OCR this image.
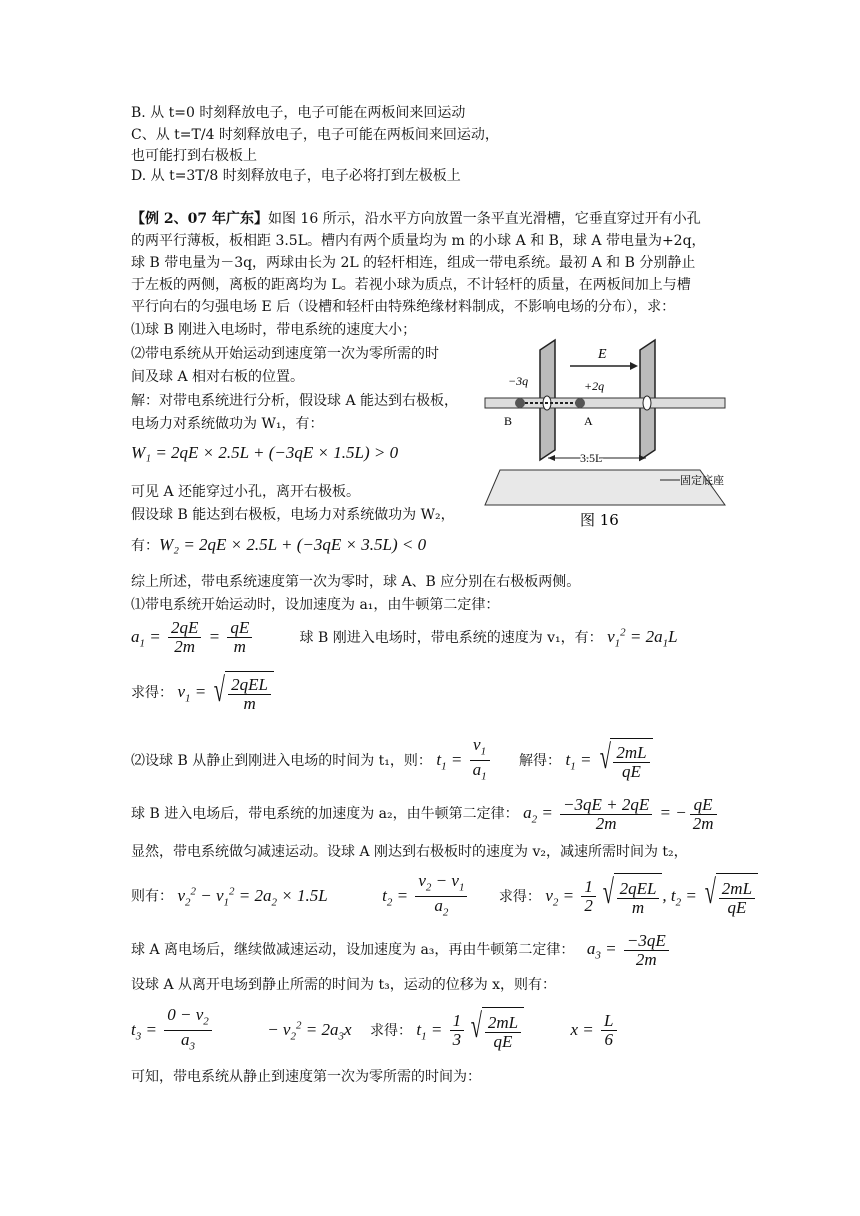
B. 从 t=0 时刻释放电子，电子可能在两板间来回运动
C、从 t=T/4 时刻释放电子，电子可能在两板间来回运动，
也可能打到右极板上
D. 从 t=3T/8 时刻释放电子，电子必将打到左极板上
【例 2、07 年广东】如图 16 所示，沿水平方向放置一条平直光滑槽，它垂直穿过开有小孔
的两平行薄板，板相距 3.5L。槽内有两个质量均为 m 的小球 A 和 B，球 A 带电量为+2q，
球 B 带电量为－3q，两球由长为 2L 的轻杆相连，组成一带电系统。最初 A 和 B 分别静止
于左板的两侧，离板的距离均为 L。若视小球为质点，不计轻杆的质量，在两板间加上与槽
平行向右的匀强电场 E 后（设槽和轻杆由特殊绝缘材料制成，不影响电场的分布），求：
⑴球 B 刚进入电场时，带电系统的速度大小；
⑵带电系统从开始运动到速度第一次为零所需的时
间及球 A 相对右板的位置。
解：对带电系统进行分析，假设球 A 能达到右极板，
电场力对系统做功为 W₁，有：
W₁ = 2qE × 2.5L + (−3qE × 1.5L) > 0
可见 A 还能穿过小孔，离开右极板。
假设球 B 能达到右极板，电场力对系统做功为 W₂，
有：W₂ = 2qE × 2.5L + (−3qE × 3.5L) < 0
综上所述，带电系统速度第一次为零时，球 A、B 应分别在右极板两侧。
⑴带电系统开始运动时，设加速度为 a₁，由牛顿第二定律：
$a_1 = \frac{2qE}{2m} = \frac{qE}{m}$	球 B 刚进入电场时，带电系统的速度为 v₁，有： $v_1^2 = 2a_1L$
求得： $v_1$ = √ $\frac{\text{2qEL}}{m}$
⑵设球 B 从静止到刚进入电场的时间为 t₁，则： $t_1 = \frac{v_1}{a_1}$ 解得： $t_1$ = √ $\frac{2mL}{qE}$
球 B 进入电场后，带电系统的加速度为 a₂，由牛顿第二定律： $a_2 = \frac{-3qE + 2qE}{2m}$ = − $\frac{qE}{2m}$
显然，带电系统做匀减速运动。设球 A 刚达到右极板时的速度为 v₂，减速所需时间为 t₂，
则有： $v_2^2 - v_1^2 = 2a_2 \times 1.5L$	$t_2 = \frac{v_2 - v_1}{a_2}$ 求得： $v_2 = \frac{1}{2}$ √ $\frac{\text{2qEL}}{m}$ , $t_2$ = √ $\frac{2mL}{qE}$
球 A 离电场后，继续做减速运动，设加速度为 a₃，再由牛顿第二定律： $a_3 = \frac{-3qE}{2m}$
设球 A 从离开电场到静止所需的时间为 t₃，运动的位移为 x，则有：
$t_3 = \frac{0 - v_2}{a_3}$	− $v_2^2 = 2a_3x$ 求得： $t_1 = \frac{1}{3}$ √ $\frac{2mL}{qE}$	$x = \frac{L}{6}$
可知，带电系统从静止到速度第一次为零所需的时间为：
−3q	+2q
B	A
E
3.5L
固定底座
图 16
